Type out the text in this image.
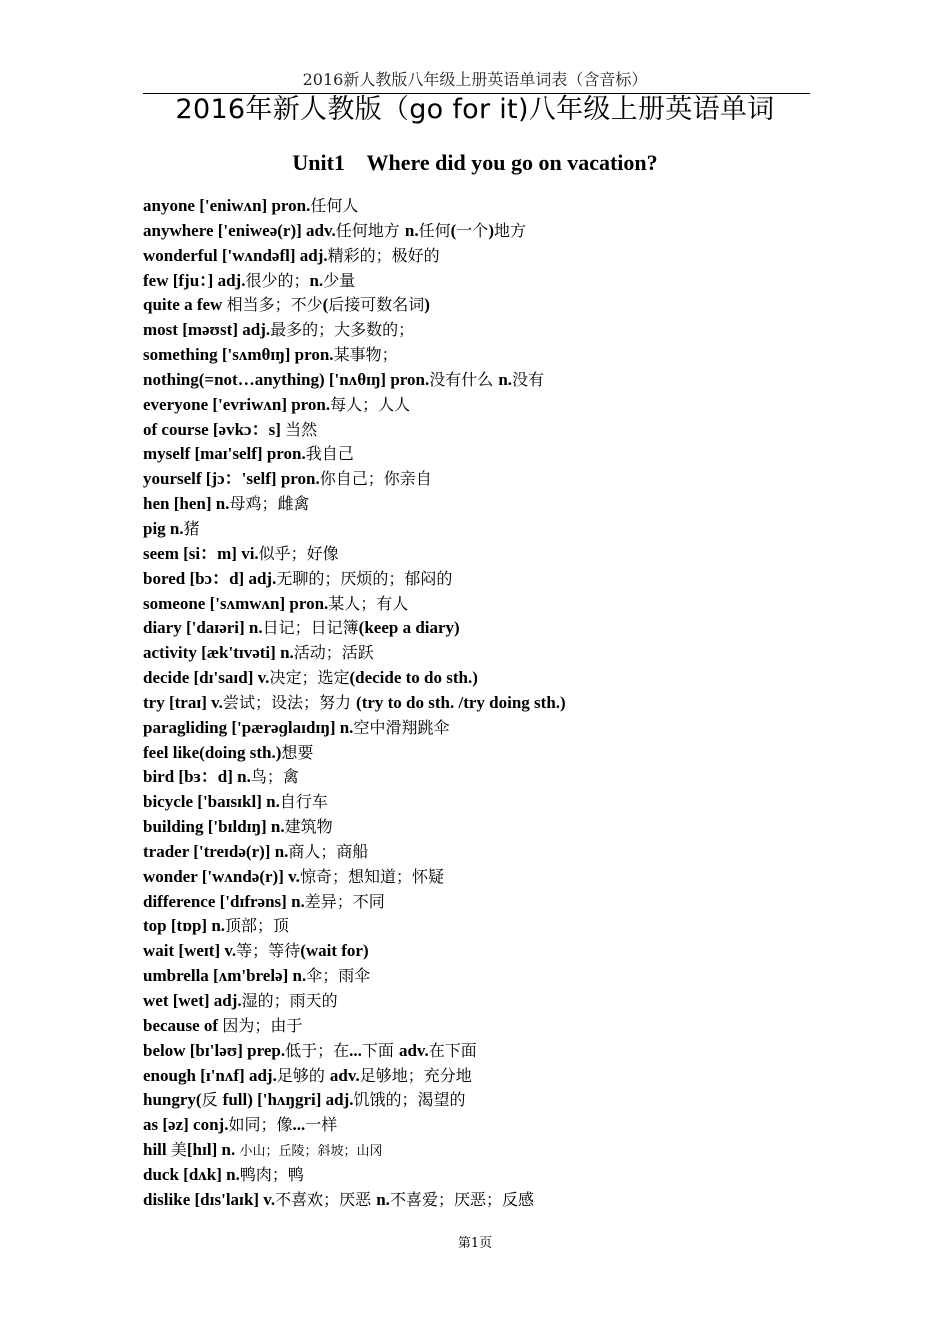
2016新人教版八年级上册英语单词表（含音标）
2016年新人教版（go for it)八年级上册英语单词
Unit1    Where did you go on vacation?
anyone ['eniwʌn] pron.任何人
anywhere ['eniweə(r)] adv.任何地方 n.任何(一个)地方
wonderful ['wʌndəfl] adj.精彩的；极好的
few [fju：] adj.很少的；n.少量
quite a few 相当多；不少(后接可数名词)
most [məʊst] adj.最多的；大多数的；
something ['sʌmθɪŋ] pron.某事物；
nothing(=not…anything) ['nʌθɪŋ] pron.没有什么 n.没有
everyone ['evriwʌn] pron.每人；人人
of course [əvkɔ：s] 当然
myself [maɪ'self] pron.我自己
yourself [jɔ：'self] pron.你自己；你亲自
hen [hen] n.母鸡；雌禽
pig n.猪
seem [si：m] vi.似乎；好像
bored [bɔ：d] adj.无聊的；厌烦的；郁闷的
someone ['sʌmwʌn] pron.某人；有人
diary ['daɪəri] n.日记；日记簿(keep a diary)
activity [æk'tɪvəti] n.活动；活跃
decide [dɪ'saɪd] v.决定；选定(decide to do sth.)
try [traɪ] v.尝试；设法；努力 (try to do sth. /try doing sth.)
paragliding ['pærəɡlaɪdɪŋ] n.空中滑翔跳伞
feel like(doing sth.)想要
bird [bɜ：d] n.鸟；禽
bicycle ['baɪsɪkl] n.自行车
building ['bɪldɪŋ] n.建筑物
trader ['treɪdə(r)] n.商人；商船
wonder ['wʌndə(r)] v.惊奇；想知道；怀疑
difference ['dɪfrəns] n.差异；不同
top [tɒp] n.顶部；顶
wait [weɪt] v.等；等待(wait for)
umbrella [ʌm'brelə] n.伞；雨伞
wet [wet] adj.湿的；雨天的
because of 因为；由于
below [bɪ'ləʊ] prep.低于；在...下面 adv.在下面
enough [ɪ'nʌf] adj.足够的 adv.足够地；充分地
hungry(反 full) ['hʌŋgri] adj.饥饿的；渴望的
as [əz] conj.如同；像...一样
hill 美[hɪl] n. 小山；丘陵；斜坡；山冈
duck [dʌk] n.鸭肉；鸭
dislike [dɪs'laɪk] v.不喜欢；厌恶 n.不喜爱；厌恶；反感
第1页
